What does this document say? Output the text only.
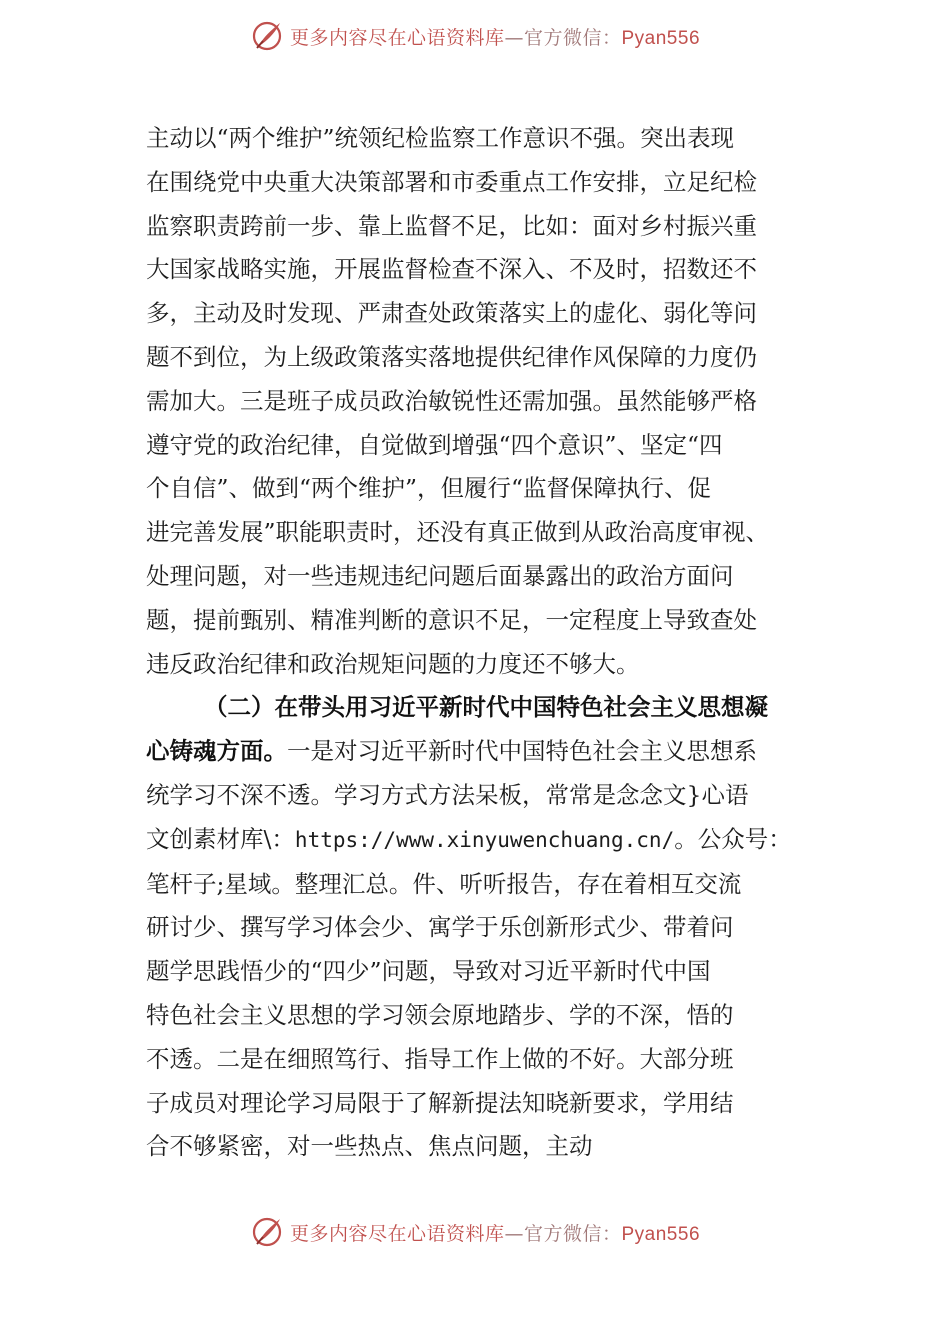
更多内容尽在心语资料库—官方微信：Pyan556

主动以“两个维护”统领纪检监察工作意识不强。突出表现

在围绕党中央重大决策部署和市委重点工作安排，立足纪检

监察职责跨前一步、靠上监督不足，比如：面对乡村振兴重

大国家战略实施，开展监督检查不深入、不及时，招数还不

多，主动及时发现、严肃查处政策落实上的虚化、弱化等问

题不到位，为上级政策落实落地提供纪律作风保障的力度仍

需加大。三是班子成员政治敏锐性还需加强。虽然能够严格

遵守党的政治纪律，自觉做到增强“四个意识”、坚定“四

个自信”、做到“两个维护”，但履行“监督保障执行、促

进完善发展”职能职责时，还没有真正做到从政治高度审视、

处理问题，对一些违规违纪问题后面暴露出的政治方面问

题，提前甄别、精准判断的意识不足，一定程度上导致查处

违反政治纪律和政治规矩问题的力度还不够大。

（二）在带头用习近平新时代中国特色社会主义思想凝

心铸魂方面。一是对习近平新时代中国特色社会主义思想系

统学习不深不透。学习方式方法呆板，常常是念念文}心语

文创素材库\：https://www.xinyuwenchuang.cn/。公众号：

笔杆子;星域。整理汇总。件、听听报告，存在着相互交流

研讨少、撰写学习体会少、寓学于乐创新形式少、带着问

题学思践悟少的“四少”问题，导致对习近平新时代中国

特色社会主义思想的学习领会原地踏步、学的不深，悟的

不透。二是在细照笃行、指导工作上做的不好。大部分班

子成员对理论学习局限于了解新提法知晓新要求，学用结

合不够紧密，对一些热点、焦点问题，主动

更多内容尽在心语资料库—官方微信：Pyan556
